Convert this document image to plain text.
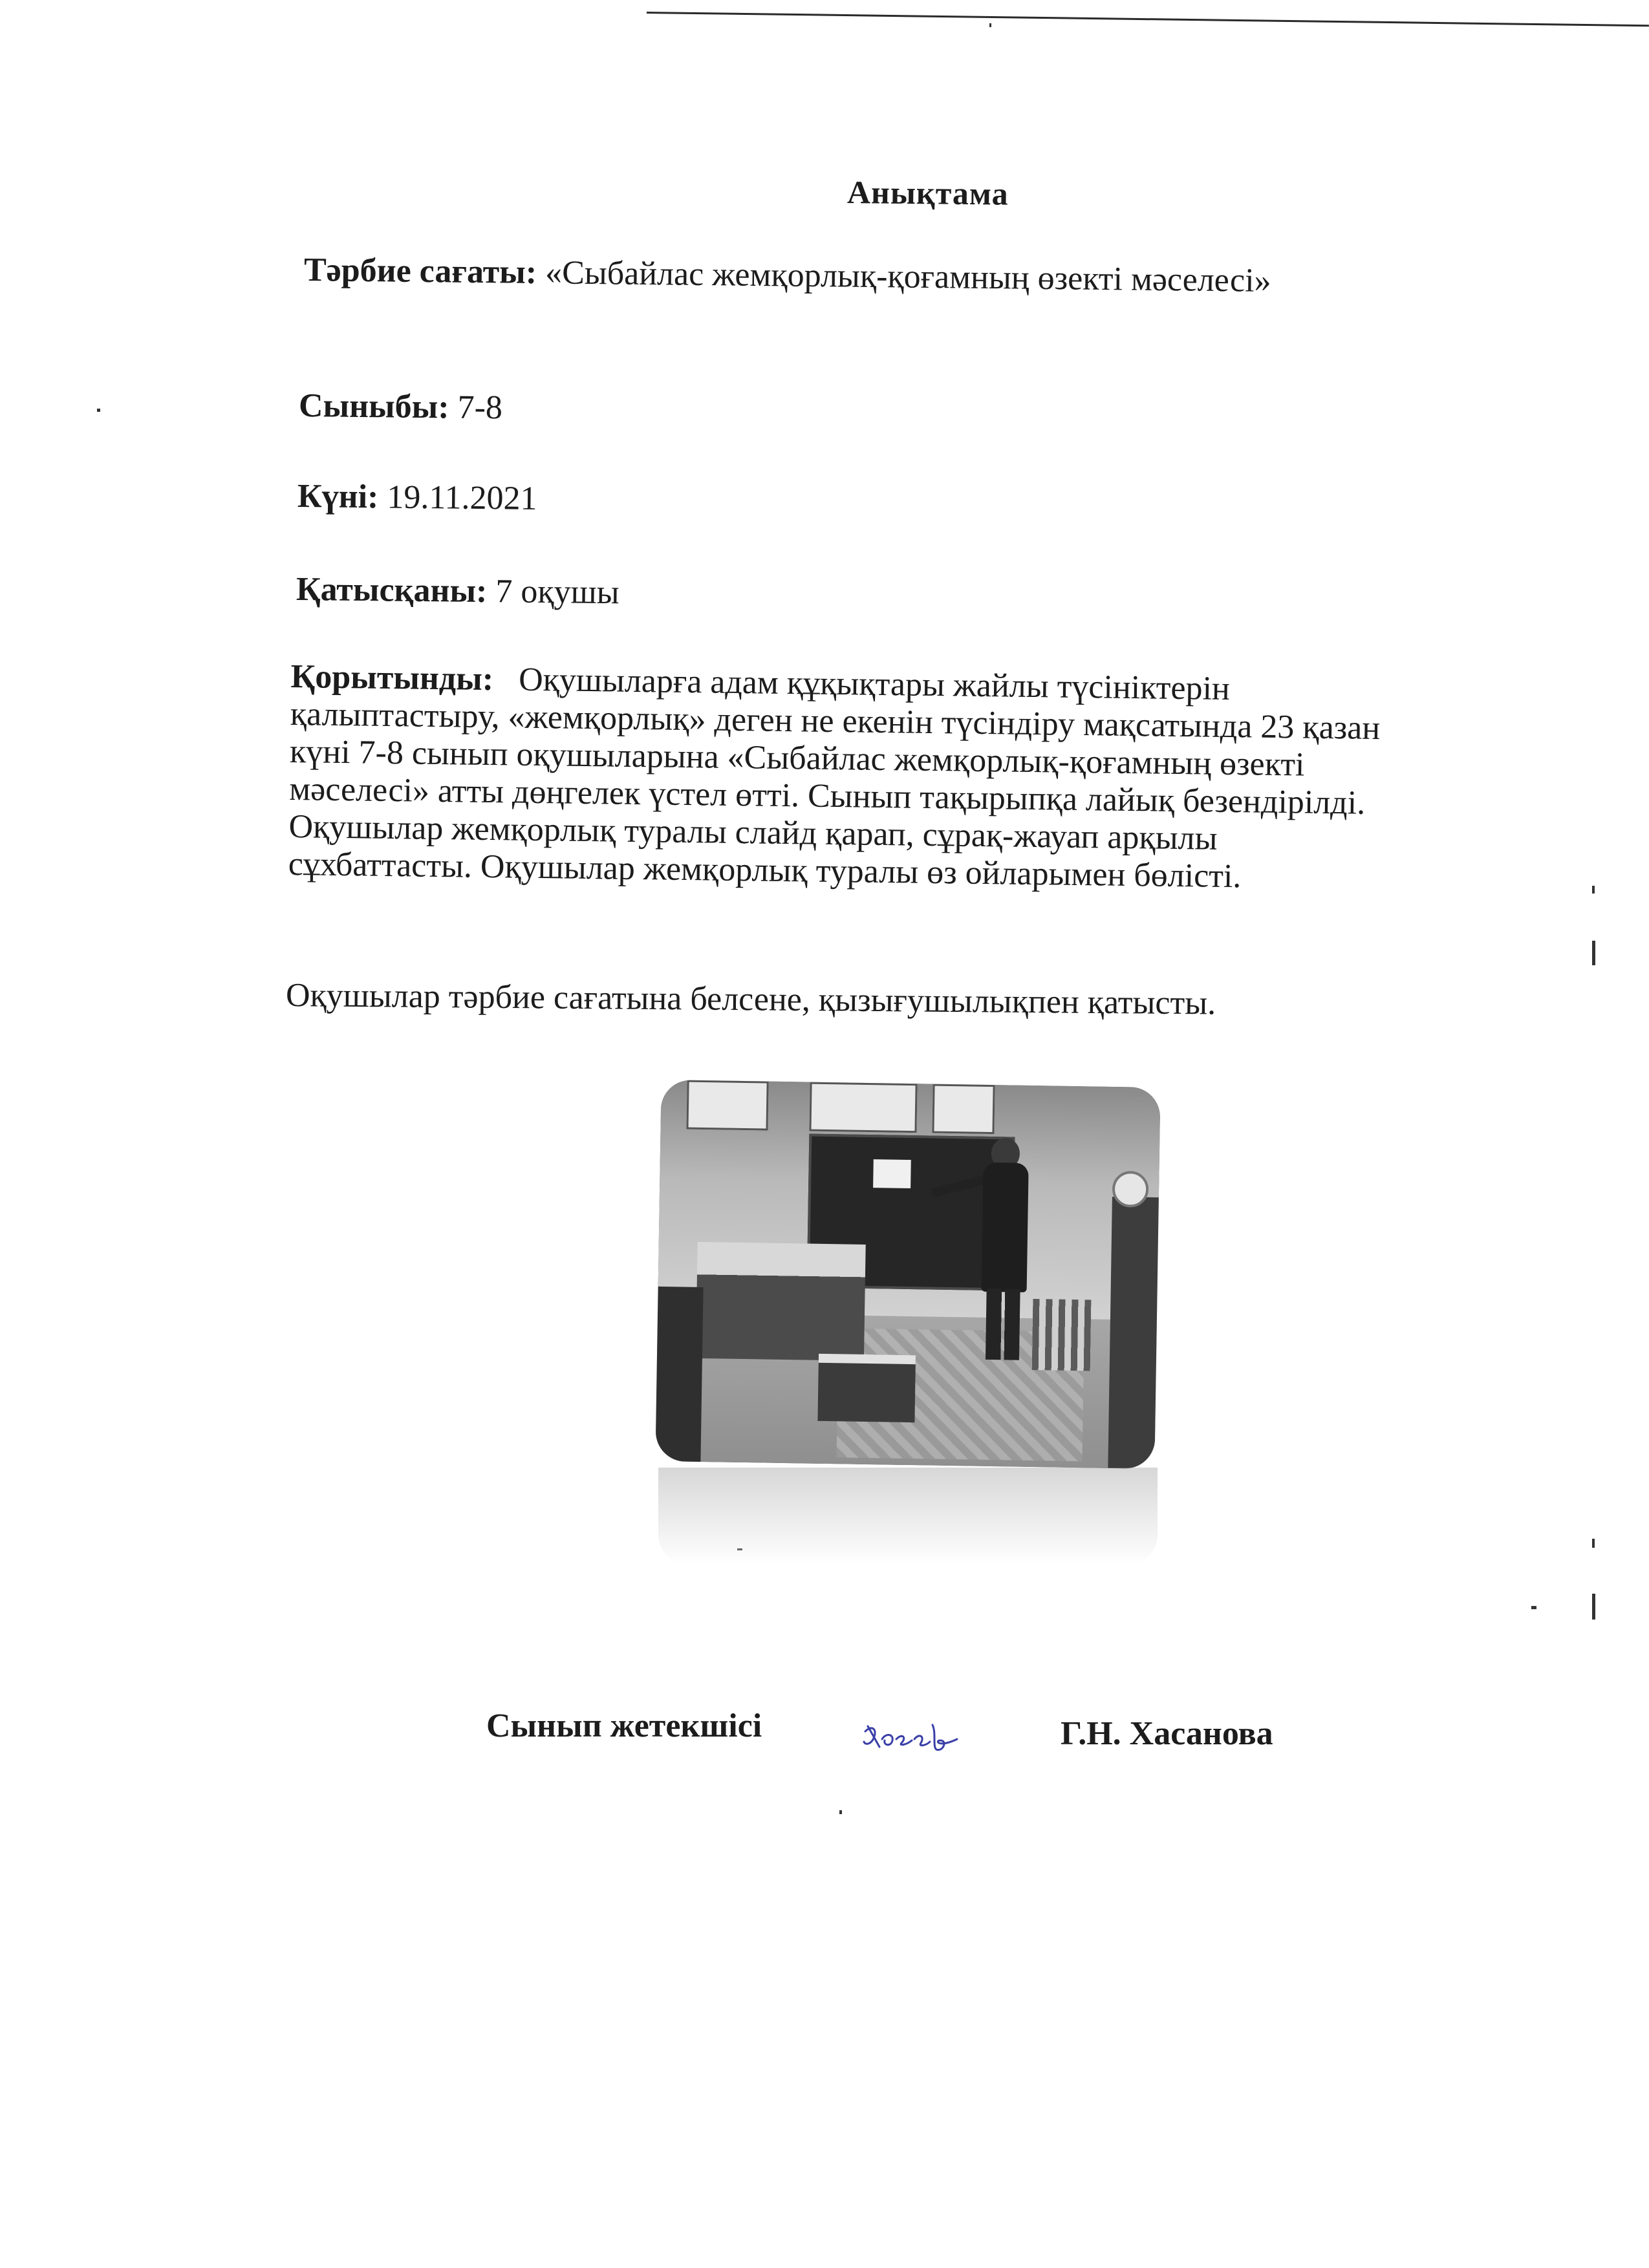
Анықтама
Тәрбие сағаты: «Сыбайлас жемқорлық-қоғамның өзекті мәселесі»
Сыныбы: 7-8
Күні: 19.11.2021
Қатысқаны: 7 оқушы
Қорытынды: Оқушыларға адам құқықтары жайлы түсініктерін
қалыптастыру, «жемқорлық» деген не екенін түсіндіру мақсатында 23 қазан
күні 7-8 сынып оқушыларына «Сыбайлас жемқорлық-қоғамның өзекті
мәселесі» атты дөңгелек үстел өтті. Сынып тақырыпқа лайық безендірілді.
Оқушылар жемқорлық туралы слайд қарап, сұрақ-жауап арқылы
сұхбаттасты. Оқушылар жемқорлық туралы өз ойларымен бөлісті.
Оқушылар тәрбие сағатына белсене, қызығушылықпен қатысты.
Сынып жетекшісі	Г.Н. Хасанова
